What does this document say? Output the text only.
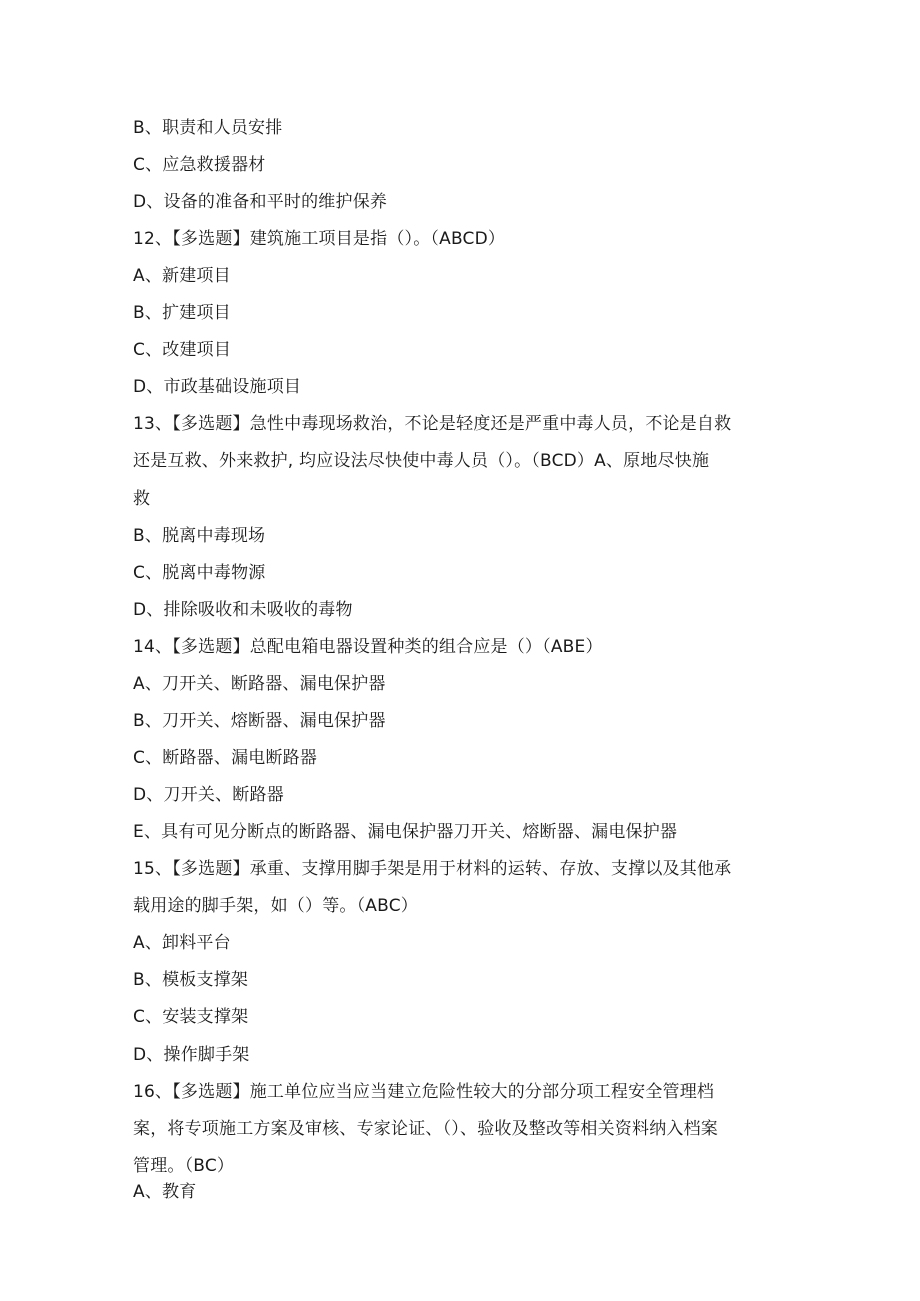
B、职责和人员安排
C、应急救援器材
D、设备的准备和平时的维护保养
12、【多选题】建筑施工项目是指（）。（ABCD）
A、新建项目
B、扩建项目
C、改建项目
D、市政基础设施项目
13、【多选题】急性中毒现场救治，不论是轻度还是严重中毒人员，不论是自救
还是互救、外来救护, 均应设法尽快使中毒人员（）。（BCD）A、原地尽快施
救
B、脱离中毒现场
C、脱离中毒物源
D、排除吸收和未吸收的毒物
14、【多选题】总配电箱电器设置种类的组合应是（）（ABE）
A、刀开关、断路器、漏电保护器
B、刀开关、熔断器、漏电保护器
C、断路器、漏电断路器
D、刀开关、断路器
E、具有可见分断点的断路器、漏电保护器刀开关、熔断器、漏电保护器
15、【多选题】承重、支撑用脚手架是用于材料的运转、存放、支撑以及其他承
载用途的脚手架，如（）等。（ABC）
A、卸料平台
B、模板支撑架
C、安装支撑架
D、操作脚手架
16、【多选题】施工单位应当应当建立危险性较大的分部分项工程安全管理档
案，将专项施工方案及审核、专家论证、（）、验收及整改等相关资料纳入档案
管理。（BC）
A、教育
